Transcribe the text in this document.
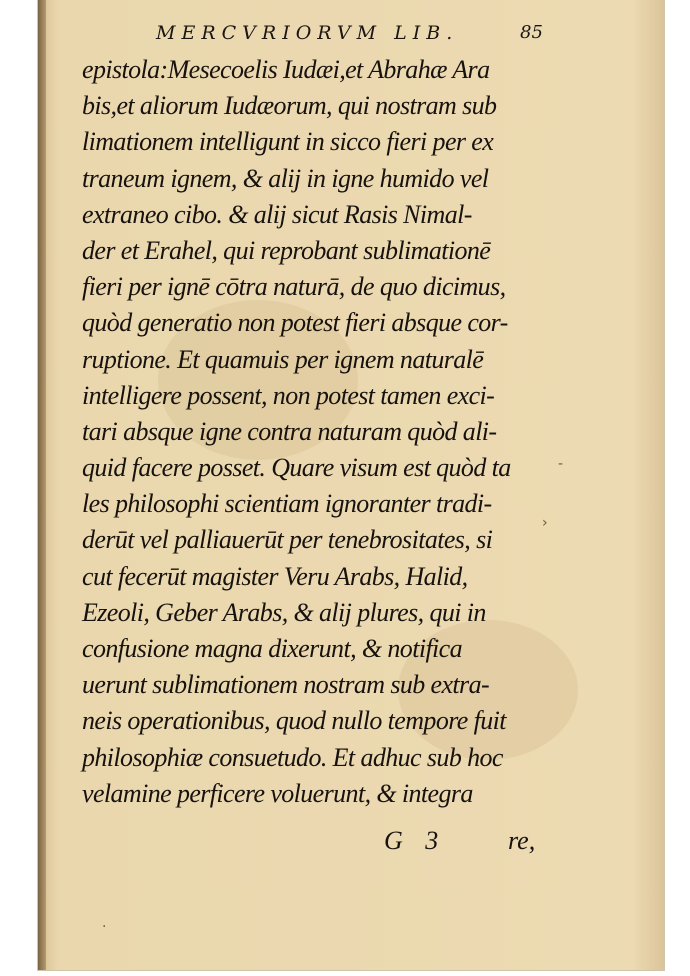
MERCVRIORVM LIB.	85
epistola:Mesecoelis Iudæi,et Abrahæ Ara
bis,et aliorum Iudæorum, qui nostram sub
limationem intelligunt in sicco fieri per ex
traneum ignem, & alij in igne humido vel
extraneo cibo. & alij sicut Rasis Nimal-
der et Erahel, qui reprobant sublimationē
fieri per ignē cōtra naturā, de quo dicimus,
quòd generatio non potest fieri absque cor-
ruptione. Et quamuis per ignem naturalē
intelligere possent, non potest tamen exci-
tari absque igne contra naturam quòd ali-
quid facere posset. Quare visum est quòd ta
les philosophi scientiam ignoranter tradi-
derūt vel palliauerūt per tenebrositates, si
cut fecerūt magister Veru Arabs, Halid,
Ezeoli, Geber Arabs, & alij plures, qui in
confusione magna dixerunt, & notifica
uerunt sublimationem nostram sub extra-
neis operationibus, quod nullo tempore fuit
philosophiæ consuetudo. Et adhuc sub hoc
velamine perficere voluerunt, & integra
G 3	re,
-
›
.
